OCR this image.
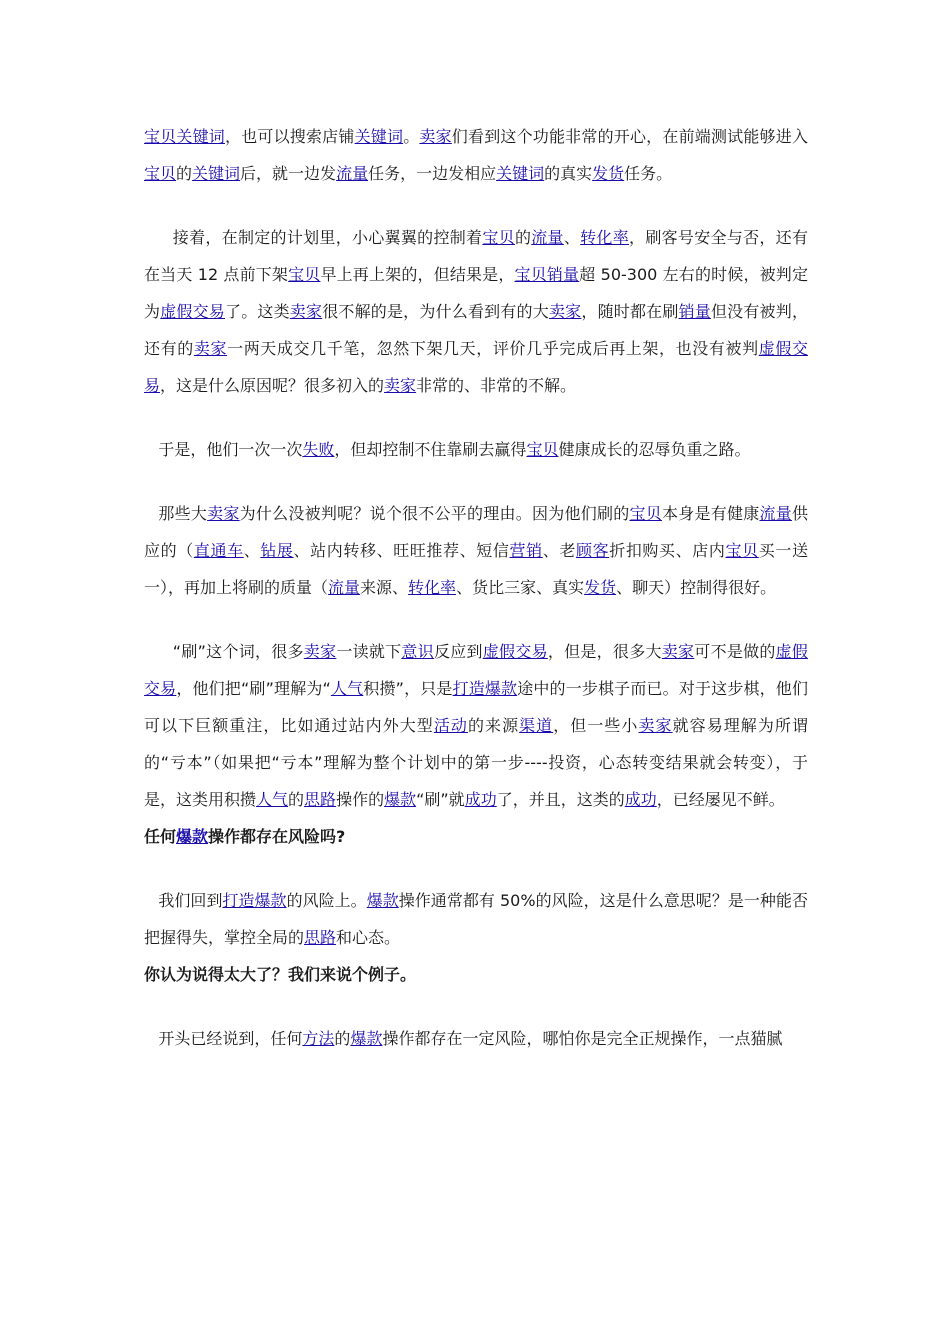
宝贝关键词，也可以搜索店铺关键词。卖家们看到这个功能非常的开心，在前端测试能够进入宝贝的关键词后，就一边发流量任务，一边发相应关键词的真实发货任务。

接着，在制定的计划里，小心翼翼的控制着宝贝的流量、转化率，刷客号安全与否，还有在当天 12 点前下架宝贝早上再上架的，但结果是，宝贝销量超 50-300 左右的时候，被判定为虚假交易了。这类卖家很不解的是，为什么看到有的大卖家，随时都在刷销量但没有被判，还有的卖家一两天成交几千笔，忽然下架几天，评价几乎完成后再上架，也没有被判虚假交易，这是什么原因呢？很多初入的卖家非常的、非常的不解。

于是，他们一次一次失败，但却控制不住靠刷去赢得宝贝健康成长的忍辱负重之路。

那些大卖家为什么没被判呢？说个很不公平的理由。因为他们刷的宝贝本身是有健康流量供应的（直通车、钻展、站内转移、旺旺推荐、短信营销、老顾客折扣购买、店内宝贝买一送一），再加上将刷的质量（流量来源、转化率、货比三家、真实发货、聊天）控制得很好。

“刷”这个词，很多卖家一读就下意识反应到虚假交易，但是，很多大卖家可不是做的虚假交易，他们把“刷”理解为“人气积攒”，只是打造爆款途中的一步棋子而已。对于这步棋，他们可以下巨额重注，比如通过站内外大型活动的来源渠道，但一些小卖家就容易理解为所谓的“亏本”（如果把“亏本”理解为整个计划中的第一步----投资，心态转变结果就会转变），于是，这类用积攒人气的思路操作的爆款“刷”就成功了，并且，这类的成功，已经屡见不鲜。

任何爆款操作都存在风险吗?

我们回到打造爆款的风险上。爆款操作通常都有 50%的风险，这是什么意思呢？是一种能否把握得失，掌控全局的思路和心态。

你认为说得太大了？我们来说个例子。

开头已经说到，任何方法的爆款操作都存在一定风险，哪怕你是完全正规操作，一点猫腻
